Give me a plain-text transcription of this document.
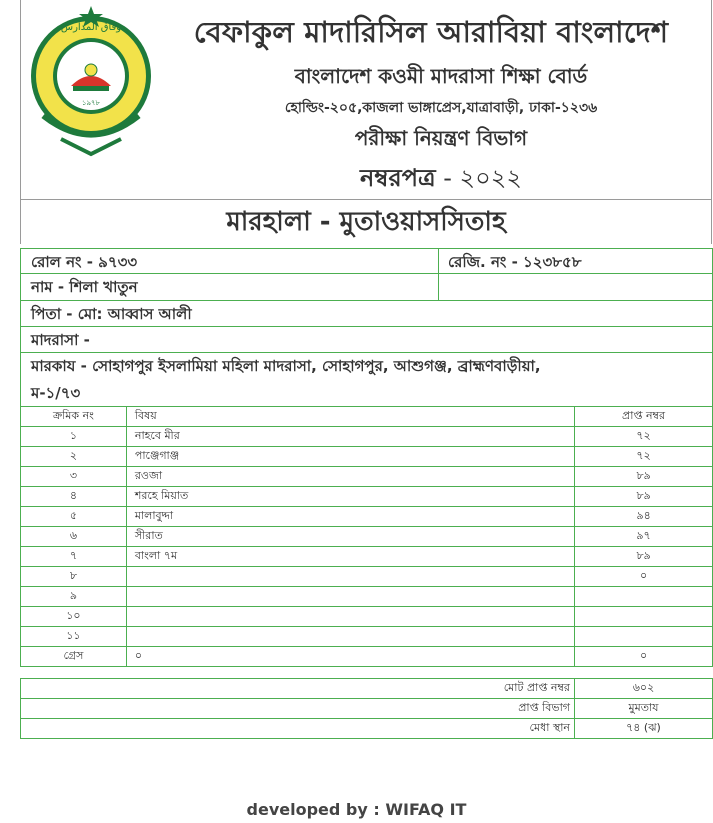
وفاق المدارس
১৯৭৮
বেফাকুল মাদারিসিল আরাবিয়া বাংলাদেশ
বাংলাদেশ কওমী মাদরাসা শিক্ষা বোর্ড
হোল্ডিং-২০৫,কাজলা ভাঙ্গাপ্রেস,যাত্রাবাড়ী, ঢাকা-১২৩৬
পরীক্ষা নিয়ন্ত্রণ বিভাগ
নম্বরপত্র - ২০২২
মারহালা - মুতাওয়াসসিতাহ
রোল নং - ৯৭৩৩	রেজি. নং - ১২৩৮৫৮
নাম - শিলা খাতুন
পিতা - মো: আব্বাস আলী
মাদরাসা -
মারকায - সোহাগপুর ইসলামিয়া মহিলা মাদরাসা, সোহাগপুর, আশুগঞ্জ, ব্রাহ্মণবাড়ীয়া,
ম-১/৭৩
ক্রমিক নং	বিষয়	প্রাপ্ত নম্বর
১	নাহবে মীর	৭২
২	পাঞ্জেগাঞ্জ	৭২
৩	রওজা	৮৯
৪	শরহে মিয়াত	৮৯
৫	মালাবুদ্দা	৯৪
৬	সীরাত	৯৭
৭	বাংলা ৭ম	৮৯
৮		০
৯		
১০		
১১		
গ্রেস	০	০
মোট প্রাপ্ত নম্বর	৬০২
প্রাপ্ত বিভাগ	মুমতায
মেধা স্থান	৭৪ (ঝ)
developed by : WIFAQ IT
